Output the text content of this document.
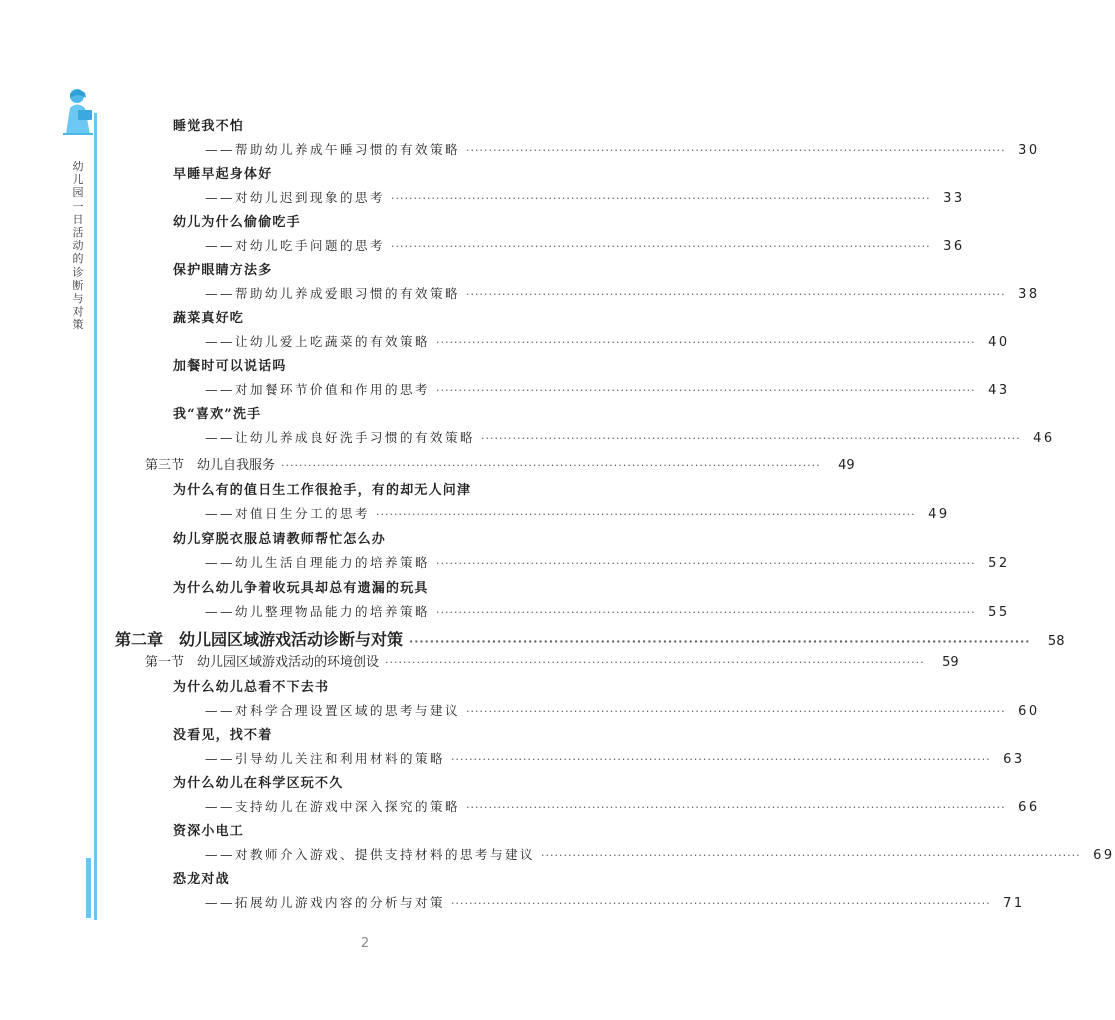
幼儿园一日活动的诊断与对策
睡觉我不怕
——帮助幼儿养成午睡习惯的有效策略 ························································································································ 30
早睡早起身体好
——对幼儿迟到现象的思考 ························································································································ 33
幼儿为什么偷偷吃手
——对幼儿吃手问题的思考 ························································································································ 36
保护眼睛方法多
——帮助幼儿养成爱眼习惯的有效策略 ························································································································ 38
蔬菜真好吃
——让幼儿爱上吃蔬菜的有效策略 ························································································································ 40
加餐时可以说话吗
——对加餐环节价值和作用的思考 ························································································································ 43
我“喜欢”洗手
——让幼儿养成良好洗手习惯的有效策略 ························································································································ 46
第三节　幼儿自我服务 ························································································································	49
为什么有的值日生工作很抢手，有的却无人问津
——对值日生分工的思考 ························································································································ 49
幼儿穿脱衣服总请教师帮忙怎么办
——幼儿生活自理能力的培养策略 ························································································································ 52
为什么幼儿争着收玩具却总有遗漏的玩具
——幼儿整理物品能力的培养策略 ························································································································ 55
第二章　幼儿园区域游戏活动诊断与对策 ························································································································	58
第一节　幼儿园区域游戏活动的环境创设 ························································································································	59
为什么幼儿总看不下去书
——对科学合理设置区域的思考与建议 ························································································································ 60
没看见，找不着
——引导幼儿关注和利用材料的策略 ························································································································ 63
为什么幼儿在科学区玩不久
——支持幼儿在游戏中深入探究的策略 ························································································································ 66
资深小电工
——对教师介入游戏、提供支持材料的思考与建议 ························································································································ 69
恐龙对战
——拓展幼儿游戏内容的分析与对策 ························································································································ 71
2
